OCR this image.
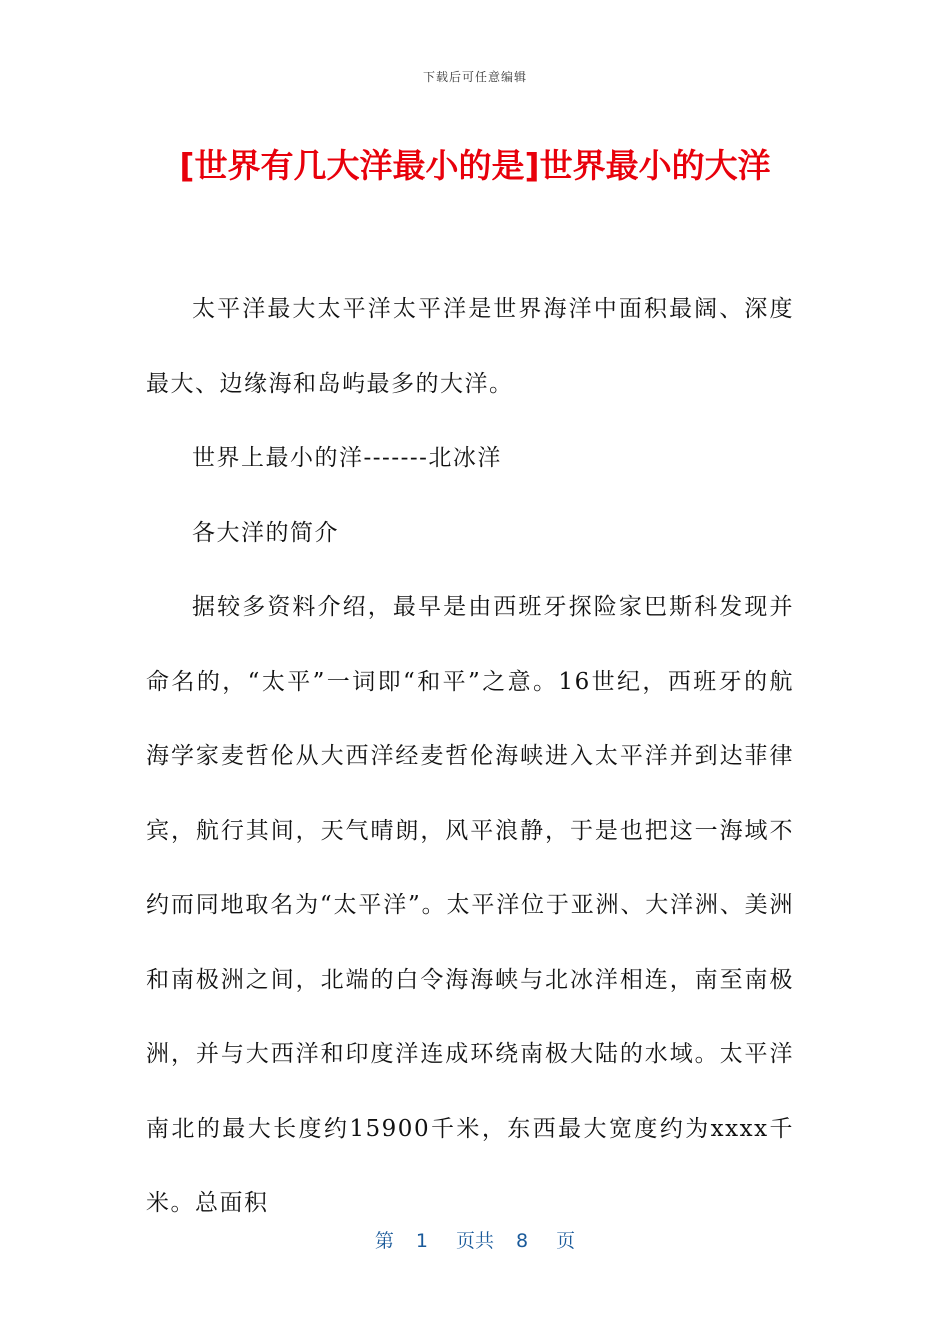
下载后可任意编辑
[世界有几大洋最小的是]世界最小的大洋

太平洋最大太平洋太平洋是世界海洋中面积最阔、深度最大、边缘海和岛屿最多的大洋。

世界上最小的洋-------北冰洋

各大洋的简介

据较多资料介绍，最早是由西班牙探险家巴斯科发现并命名的，“太平”一词即“和平”之意。16世纪，西班牙的航海学家麦哲伦从大西洋经麦哲伦海峡进入太平洋并到达菲律宾，航行其间，天气晴朗，风平浪静，于是也把这一海域不约而同地取名为“太平洋”。太平洋位于亚洲、大洋洲、美洲和南极洲之间，北端的白令海海峡与北冰洋相连，南至南极洲，并与大西洋和印度洋连成环绕南极大陆的水域。太平洋南北的最大长度约15900千米，东西最大宽度约为xxxx千米。总面积

第 1 页共 8 页
